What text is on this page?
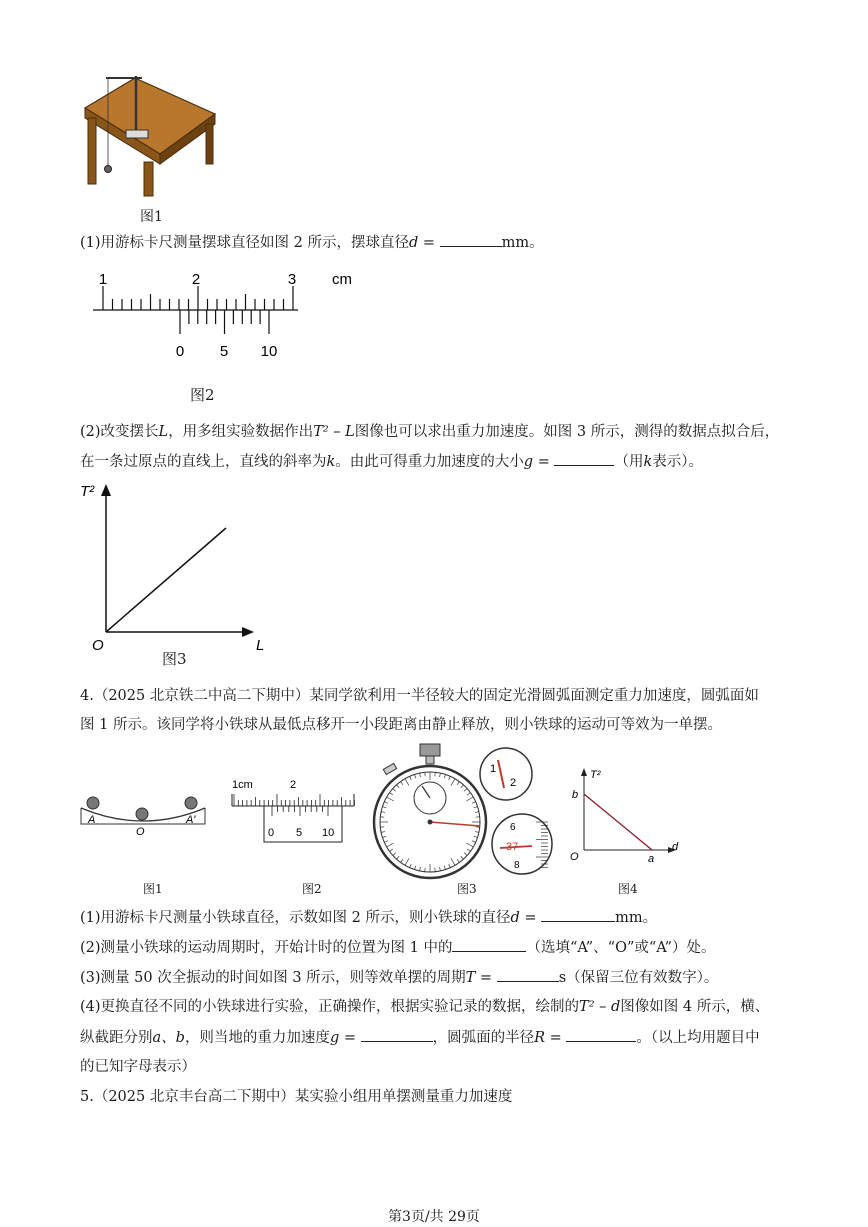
图1
(1)用游标卡尺测量摆球直径如图 2 所示，摆球直径d =	mm。
1	2	3 cm
0 5 10
图2
(2)改变摆长L，用多组实验数据作出T² – L图像也可以求出重力加速度。如图 3 所示，测得的数据点拟合后，
在一条过原点的直线上，直线的斜率为k。由此可得重力加速度的大小g =	（用k表示）。
T²
L
O
图3
4.（2025 北京铁二中高二下期中）某同学欲利用一半径较大的固定光滑圆弧面测定重力加速度，圆弧面如
图 1 所示。该同学将小铁球从最低点移开一小段距离由静止释放，则小铁球的运动可等效为一单摆。
A
O
A′
图1
1cm	2
0 5 10
图2
2
1
6
37
8
图3
T²
b
a
d
O
图4
(1)用游标卡尺测量小铁球直径，示数如图 2 所示，则小铁球的直径d =	mm。
(2)测量小铁球的运动周期时，开始计时的位置为图 1 中的	（选填“A”、“O”或“A”）处。
(3)测量 50 次全振动的时间如图 3 所示，则等效单摆的周期T =	s（保留三位有效数字）。
(4)更换直径不同的小铁球进行实验，正确操作，根据实验记录的数据，绘制的T² – d图像如图 4 所示，横、
纵截距分别a、b，则当地的重力加速度g =	，圆弧面的半径R =	。（以上均用题目中
的已知字母表示）
5.（2025 北京丰台高二下期中）某实验小组用单摆测量重力加速度
第3页/共 29页
